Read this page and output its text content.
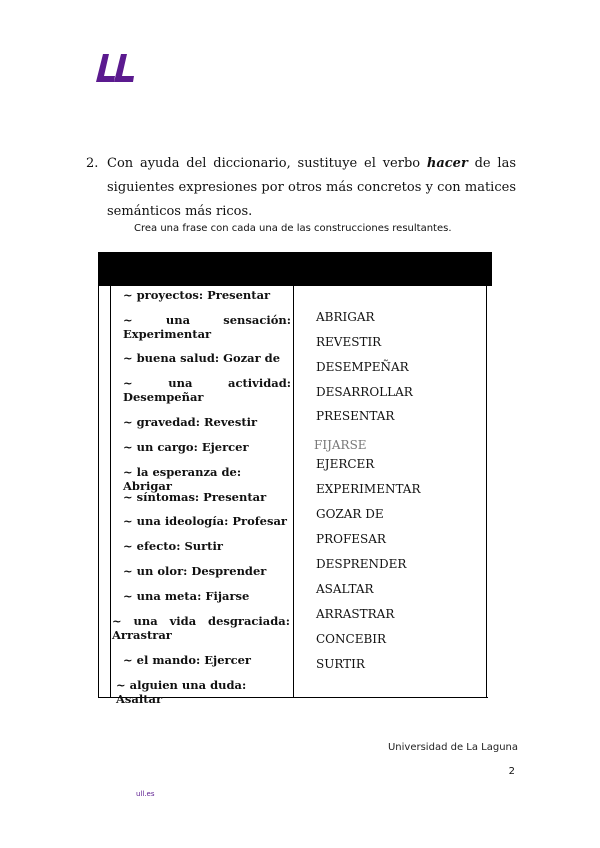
2. Con ayuda del diccionario, sustituye el verbo hacer de las siguientes expresiones por otros más concretos y con matices semánticos más ricos.
Crea una frase con cada una de las construcciones resultantes.
~ proyectos: Presentar
~ una sensación: Experimentar
~ buena salud: Gozar de
~ una actividad: Desempeñar
~ gravedad: Revestir
~ un cargo: Ejercer
~ la esperanza de: Abrigar
~ síntomas: Presentar
~ una ideología: Profesar
~ efecto: Surtir
~ un olor: Desprender
~ una meta: Fijarse
~ una vida desgraciada: Arrastrar
~ el mando: Ejercer
~ alguien una duda: Asaltar
ABRIGAR
REVESTIR
DESEMPEÑAR
DESARROLLAR
PRESENTAR
FIJARSE
EJERCER
EXPERIMENTAR
GOZAR DE
PROFESAR
DESPRENDER
ASALTAR
ARRASTRAR
CONCEBIR
SURTIR
Universidad de La Laguna
2
ull.es
